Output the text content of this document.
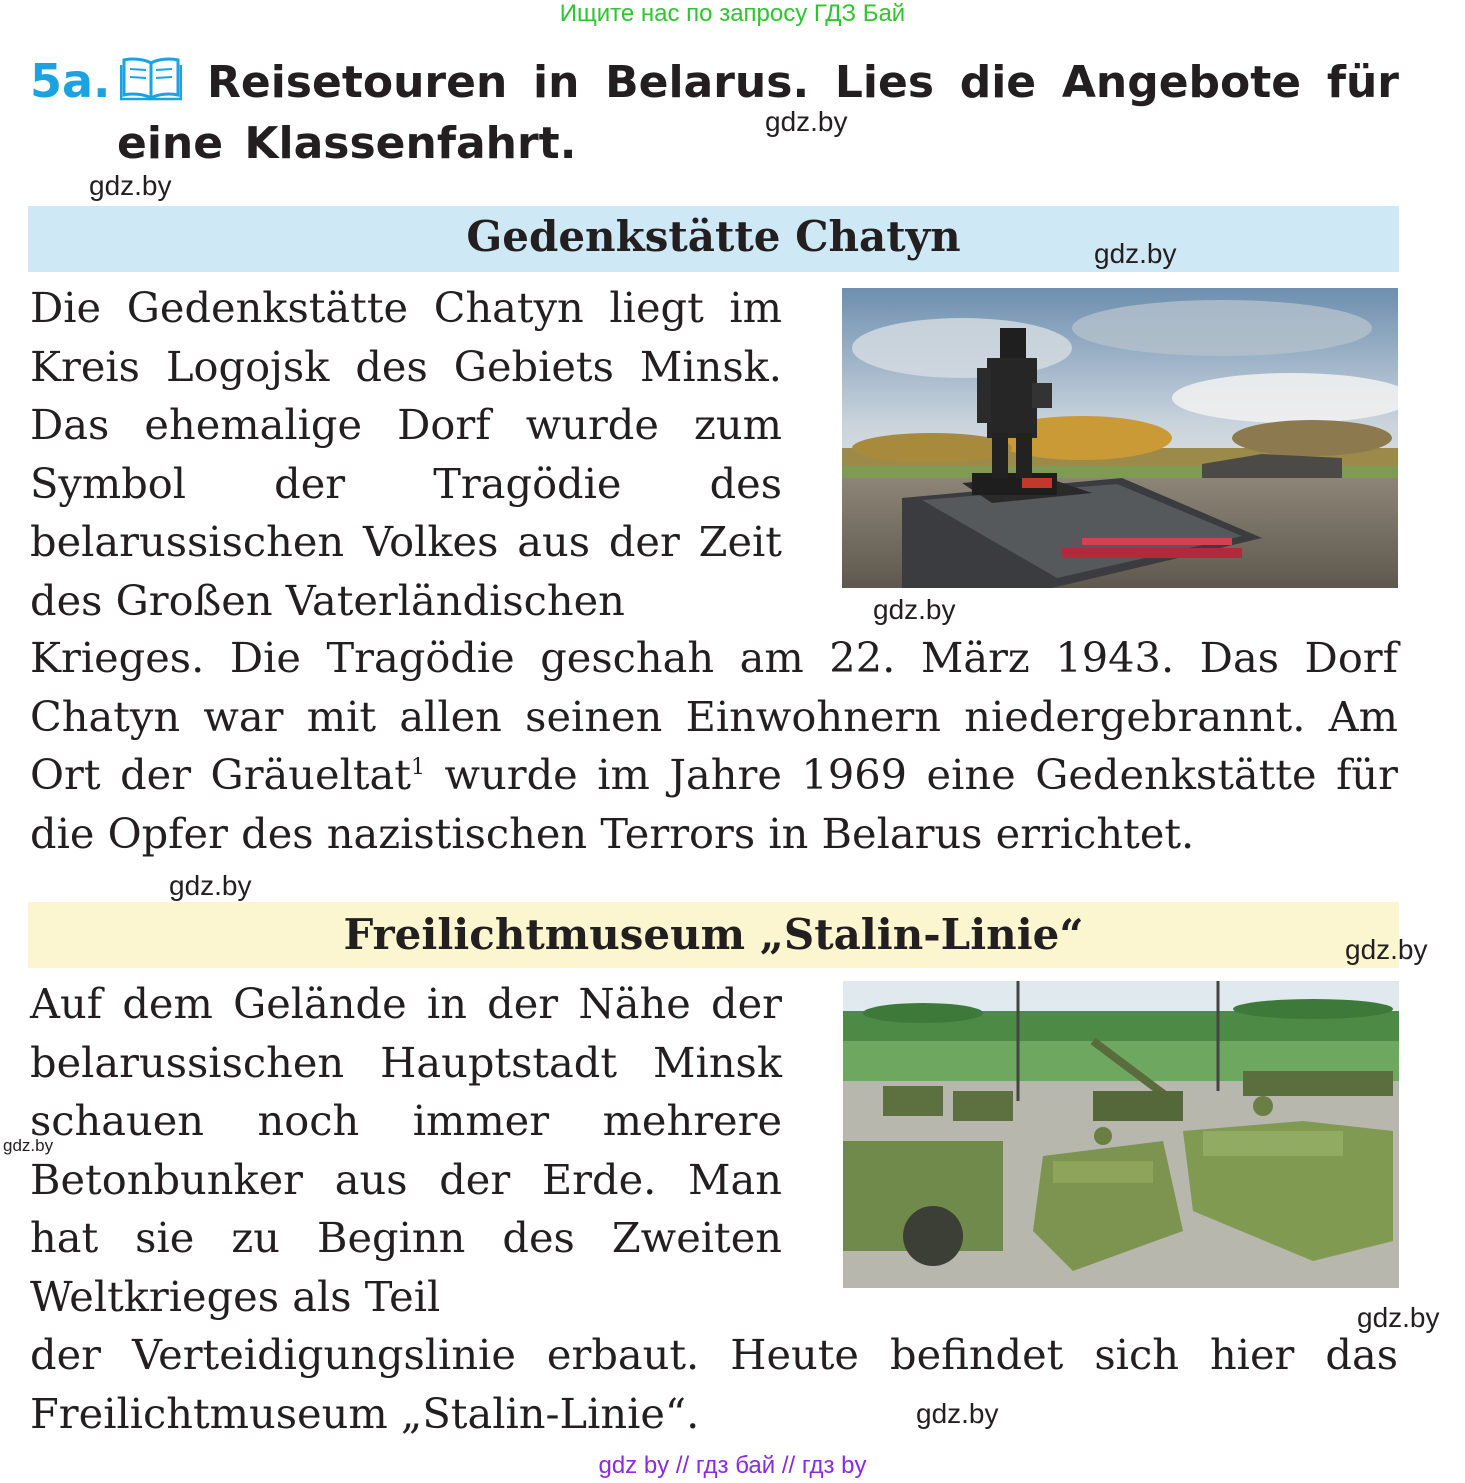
Ищите нас по запросу ГДЗ Бай
5a.	Reisetouren in Belarus. Lies die Angebote für eine Klassenfahrt.	gdz.by
gdz.by
Gedenkstätte Chatyn	gdz.by
Die Gedenkstätte Chatyn liegt im Kreis Logojsk des Gebiets Minsk. Das ehemalige Dorf wurde zum Symbol der Tragödie des belarussischen Volkes aus der Zeit des Großen Vaterländischen	gdz.by
Krieges. Die Tragödie geschah am 22. März 1943. Das Dorf Chatyn war mit allen seinen Einwohnern niedergebrannt. Am Ort der Gräueltat$^1$ wurde im Jahre 1969 eine Gedenkstätte für die Opfer des nazistischen Terrors in Belarus errichtet.
gdz.by
Freilichtmuseum „Stalin-Linie“	gdz.by
Auf dem Gelände in der Nähe der belarussischen Hauptstadt Minsk schauen noch immer mehrere Betonbunker aus der Erde. Man hat sie zu Beginn des Zweiten Weltkrieges als Teil
gdz.by
der Verteidigungslinie erbaut. Heute befindet sich hier das Freilichtmuseum „Stalin-Linie“.
gdz.by
gdz.by
gdz by // гдз бай // гдз by
